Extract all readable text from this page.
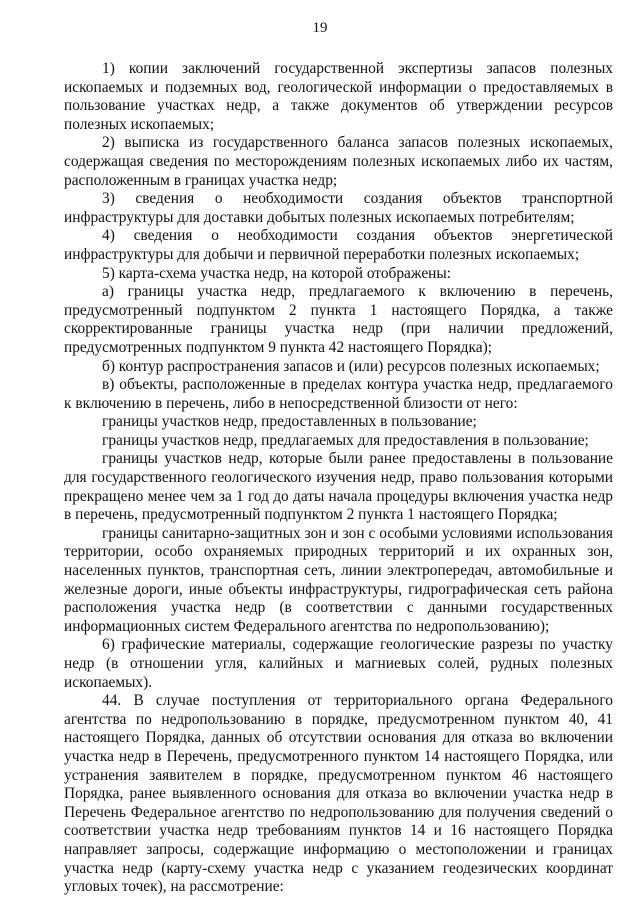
19

1) копии заключений государственной экспертизы запасов полезных ископаемых и подземных вод, геологической информации о предоставляемых в пользование участках недр, а также документов об утверждении ресурсов полезных ископаемых;

2) выписка из государственного баланса запасов полезных ископаемых, содержащая сведения по месторождениям полезных ископаемых либо их частям, расположенным в границах участка недр;

3) сведения о необходимости создания объектов транспортной инфраструктуры для доставки добытых полезных ископаемых потребителям;

4) сведения о необходимости создания объектов энергетической инфраструктуры для добычи и первичной переработки полезных ископаемых;

5) карта-схема участка недр, на которой отображены:

а) границы участка недр, предлагаемого к включению в перечень, предусмотренный подпунктом 2 пункта 1 настоящего Порядка, а также скорректированные границы участка недр (при наличии предложений, предусмотренных подпунктом 9 пункта 42 настоящего Порядка);

б) контур распространения запасов и (или) ресурсов полезных ископаемых;

в) объекты, расположенные в пределах контура участка недр, предлагаемого к включению в перечень, либо в непосредственной близости от него:

границы участков недр, предоставленных в пользование;

границы участков недр, предлагаемых для предоставления в пользование;

границы участков недр, которые были ранее предоставлены в пользование для государственного геологического изучения недр, право пользования которыми прекращено менее чем за 1 год до даты начала процедуры включения участка недр в перечень, предусмотренный подпунктом 2 пункта 1 настоящего Порядка;

границы санитарно-защитных зон и зон с особыми условиями использования территории, особо охраняемых природных территорий и их охранных зон, населенных пунктов, транспортная сеть, линии электропередач, автомобильные и железные дороги, иные объекты инфраструктуры, гидрографическая сеть района расположения участка недр (в соответствии с данными государственных информационных систем Федерального агентства по недропользованию);

6) графические материалы, содержащие геологические разрезы по участку недр (в отношении угля, калийных и магниевых солей, рудных полезных ископаемых).

44. В случае поступления от территориального органа Федерального агентства по недропользованию в порядке, предусмотренном пунктом 40, 41 настоящего Порядка, данных об отсутствии основания для отказа во включении участка недр в Перечень, предусмотренного пунктом 14 настоящего Порядка, или устранения заявителем в порядке, предусмотренном пунктом 46 настоящего Порядка, ранее выявленного основания для отказа во включении участка недр в Перечень Федеральное агентство по недропользованию для получения сведений о соответствии участка недр требованиям пунктов 14 и 16 настоящего Порядка направляет запросы, содержащие информацию о местоположении и границах участка недр (карту-схему участка недр с указанием геодезических координат угловых точек), на рассмотрение:
